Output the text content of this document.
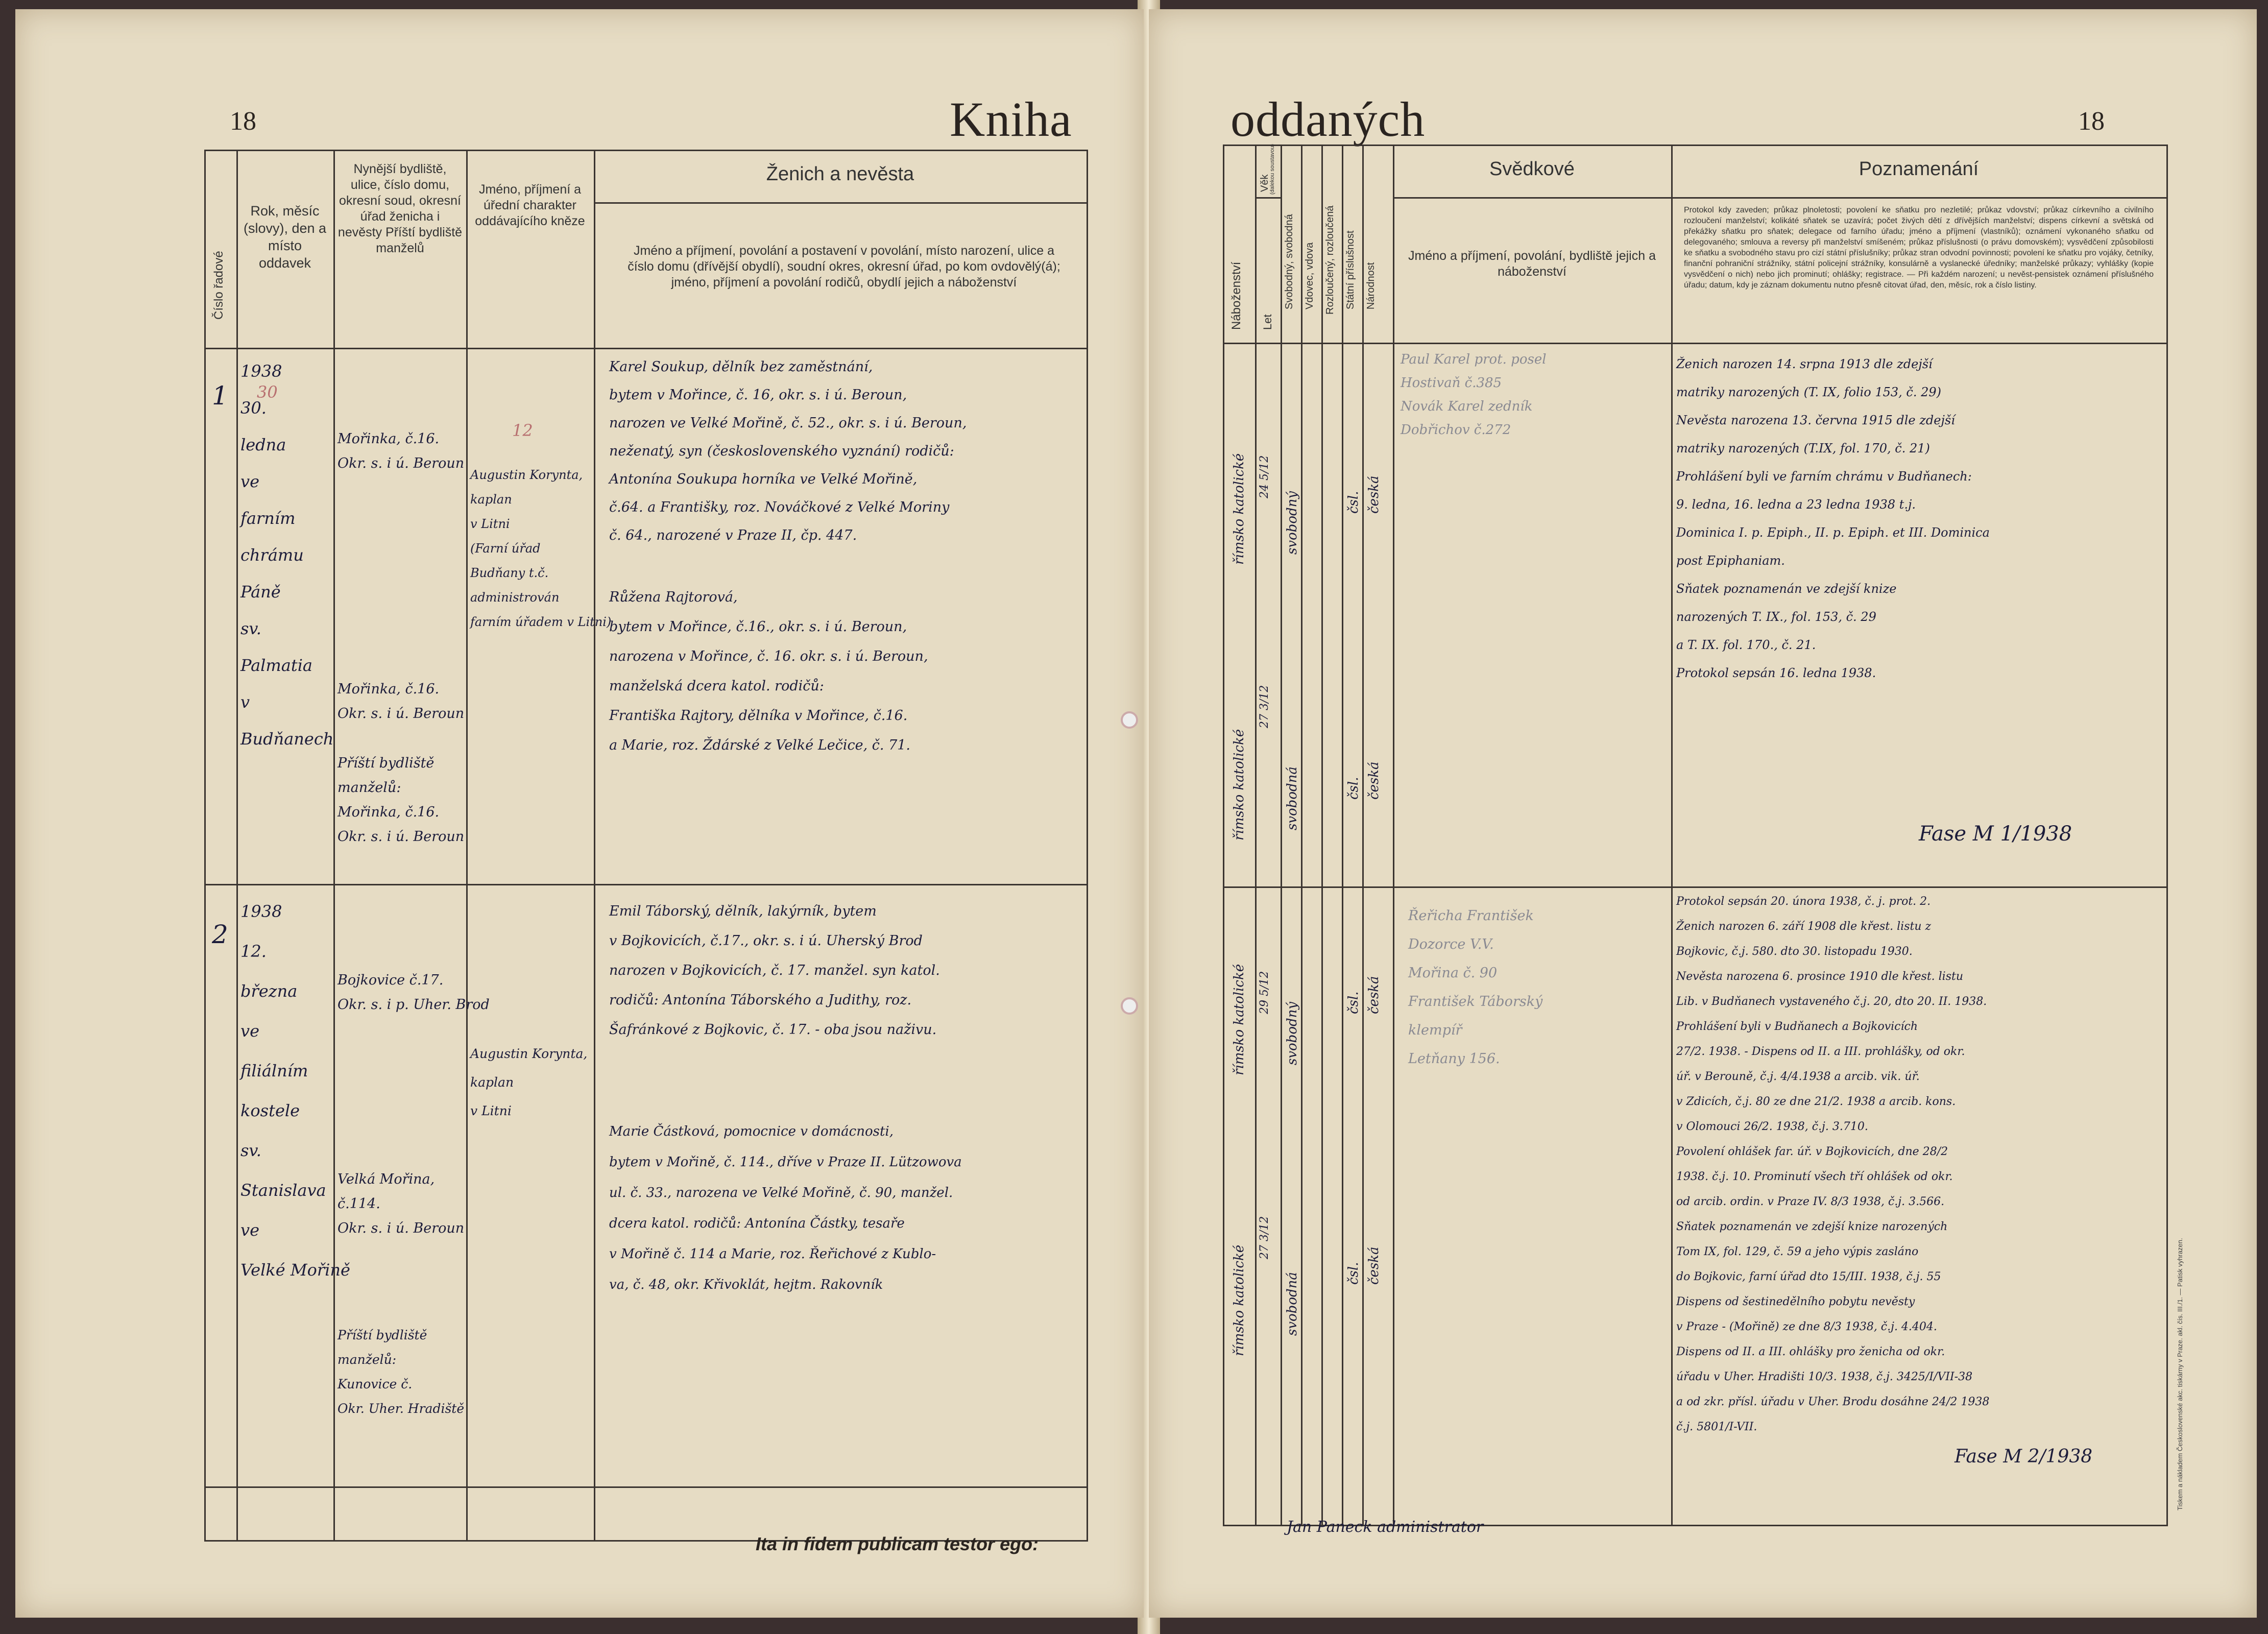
18	Kniha
Číslo řadové
Rok, měsíc (slovy), den a místo oddavek
Nynější bydliště, ulice, číslo domu, okresní soud, okresní úřad ženicha i nevěsty Příští bydliště manželů
Jméno, příjmení a úřední charakter oddávajícího kněze
Ženich a nevěsta
Jméno a příjmení, povolání a postavení v povolání, místo narození, ulice a číslo domu (dřívější obydlí), soudní okres, okresní úřad, po kom ovdovělý(á); jméno, příjmení a povolání rodičů, obydlí jejich a náboženství
1
1938
30.
ledna
ve
farním
chrámu
Páně
sv.
Palmatia
v
Budňanech
30
Mořinka, č.16.
Okr. s. i ú. Beroun
Mořinka, č.16.
Okr. s. i ú. Beroun
Příští bydliště
manželů:
Mořinka, č.16.
Okr. s. i ú. Beroun
12
Augustin Korynta,
kaplan
v Litni
(Farní úřad
Budňany t.č.
administrován
farním úřadem v Litni)
Karel Soukup, dělník bez zaměstnání,
bytem v Mořince, č. 16, okr. s. i ú. Beroun,
narozen ve Velké Mořině, č. 52., okr. s. i ú. Beroun,
neženatý, syn (československého vyznání) rodičů:
Antonína Soukupa horníka ve Velké Mořině,
č.64. a Františky, roz. Nováčkové z Velké Moriny
č. 64., narozené v Praze II, čp. 447.
Růžena Rajtorová,
bytem v Mořince, č.16., okr. s. i ú. Beroun,
narozena v Mořince, č. 16. okr. s. i ú. Beroun,
manželská dcera katol. rodičů:
Františka Rajtory, dělníka v Mořince, č.16.
a Marie, roz. Ždárské z Velké Lečice, č. 71.
2
1938
12.
března
ve
filiálním
kostele
sv.
Stanislava
ve
Velké Mořině
Bojkovice č.17.
Okr. s. i p. Uher. Brod
Velká Mořina,
č.114.
Okr. s. i ú. Beroun
Příští bydliště
manželů:
Kunovice č.
Okr. Uher. Hradiště
Augustin Korynta,
kaplan
v Litni
Emil Táborský, dělník, lakýrník, bytem
v Bojkovicích, č.17., okr. s. i ú. Uherský Brod
narozen v Bojkovicích, č. 17. manžel. syn katol.
rodičů: Antonína Táborského a Judithy, roz.
Šafránkové z Bojkovic, č. 17. - oba jsou naživu.
Marie Částková, pomocnice v domácnosti,
bytem v Mořině, č. 114., dříve v Praze II. Lützowova
ul. č. 33., narozena ve Velké Mořině, č. 90, manžel.
dcera katol. rodičů: Antonína Částky, tesaře
v Mořině č. 114 a Marie, roz. Řeřichové z Kublo-
va, č. 48, okr. Křivoklát, hejtm. Rakovník
Ita in fidem publicam testor ego:
18
oddaných
Náboženství
Věk
(dalekou soustavou)
Let
Svobodný, svobodná Vdovec, vdova Rozloučený, rozloučená Státní příslušnost Národnost
Svědkové
Jméno a příjmení, povolání, bydliště jejich a náboženství
Poznamenání
Protokol kdy zaveden; průkaz plnoletosti; povolení ke sňatku pro nezletilé; průkaz vdovství; průkaz církevního a civilního rozloučení manželství; kolikáté sňatek se uzavírá; počet živých dětí z dřívějších manželství; dispens církevní a světská od překážky sňatku pro sňatek; delegace od farního úřadu; jméno a příjmení (vlastníků); oznámení vykonaného sňatku od delegovaného; smlouva a reversy při manželství smíšeném; průkaz příslušnosti (o právu domovském); vysvědčení způsobilosti ke sňatku a svobodného stavu pro cizí státní příslušníky; průkaz stran odvodní povinnosti; povolení ke sňatku pro vojáky, četníky, finanční pohraniční strážníky, státní policejní strážníky, konsulárně a vyslanecké úředníky; manželské průkazy; vyhlášky (kopie vysvědčení o nich) nebo jich prominutí; ohlášky; registrace. — Při každém narození; u nevěst-pensistek oznámení příslušného úřadu; datum, kdy je záznam dokumentu nutno přesně citovat úřad, den, měsíc, rok a číslo listiny.
římsko katolické
římsko katolické
24 5/12
27 3/12
svobodný
svobodná
čsl. česká
čsl. česká
Paul Karel prot. posel
Hostivaň č.385
Novák Karel zedník
Dobřichov č.272
Ženich narozen 14. srpna 1913 dle zdejší
matriky narozených (T. IX, folio 153, č. 29)
Nevěsta narozena 13. června 1915 dle zdejší
matriky narozených (T.IX, fol. 170, č. 21)
Prohlášení byli ve farním chrámu v Budňanech:
9. ledna, 16. ledna a 23 ledna 1938 t.j.
Dominica I. p. Epiph., II. p. Epiph. et III. Dominica
post Epiphaniam.
Sňatek poznamenán ve zdejší knize
narozených T. IX., fol. 153, č. 29
a T. IX. fol. 170., č. 21.
Protokol sepsán 16. ledna 1938.
Fase M 1/1938
římsko katolické
římsko katolické
29 5/12
27 3/12
svobodný
svobodná
čsl. česká
čsl. česká
Řeřicha František
Dozorce V.V.
Mořina č. 90
František Táborský
klempíř
Letňany 156.
Protokol sepsán 20. února 1938, č. j. prot. 2.
Ženich narozen 6. září 1908 dle křest. listu z
Bojkovic, č.j. 580. dto 30. listopadu 1930.
Nevěsta narozena 6. prosince 1910 dle křest. listu
Lib. v Budňanech vystaveného č.j. 20, dto 20. II. 1938.
Prohlášení byli v Budňanech a Bojkovicích
27/2. 1938. - Dispens od II. a III. prohlášky, od okr.
úř. v Berouně, č.j. 4/4.1938 a arcib. vik. úř.
v Zdicích, č.j. 80 ze dne 21/2. 1938 a arcib. kons.
v Olomouci 26/2. 1938, č.j. 3.710.
Povolení ohlášek far. úř. v Bojkovicích, dne 28/2
1938. č.j. 10. Prominutí všech tří ohlášek od okr.
od arcib. ordin. v Praze IV. 8/3 1938, č.j. 3.566.
Sňatek poznamenán ve zdejší knize narozených
Tom IX, fol. 129, č. 59 a jeho výpis zasláno
do Bojkovic, farní úřad dto 15/III. 1938, č.j. 55
Dispens od šestinedělního pobytu nevěsty
v Praze - (Mořině) ze dne 8/3 1938, č.j. 4.404.
Dispens od II. a III. ohlášky pro ženicha od okr.
úřadu v Uher. Hradišti 10/3. 1938, č.j. 3425/I/VII-38
a od zkr. přísl. úřadu v Uher. Brodu dosáhne 24/2 1938
č.j. 5801/I-VII.
Fase M 2/1938	Tiskem a nákladem Československé akc. tiskárny v Praze. akl. čís. III./1. — Patisk vyhrazen.
Jan Paneck administrator
